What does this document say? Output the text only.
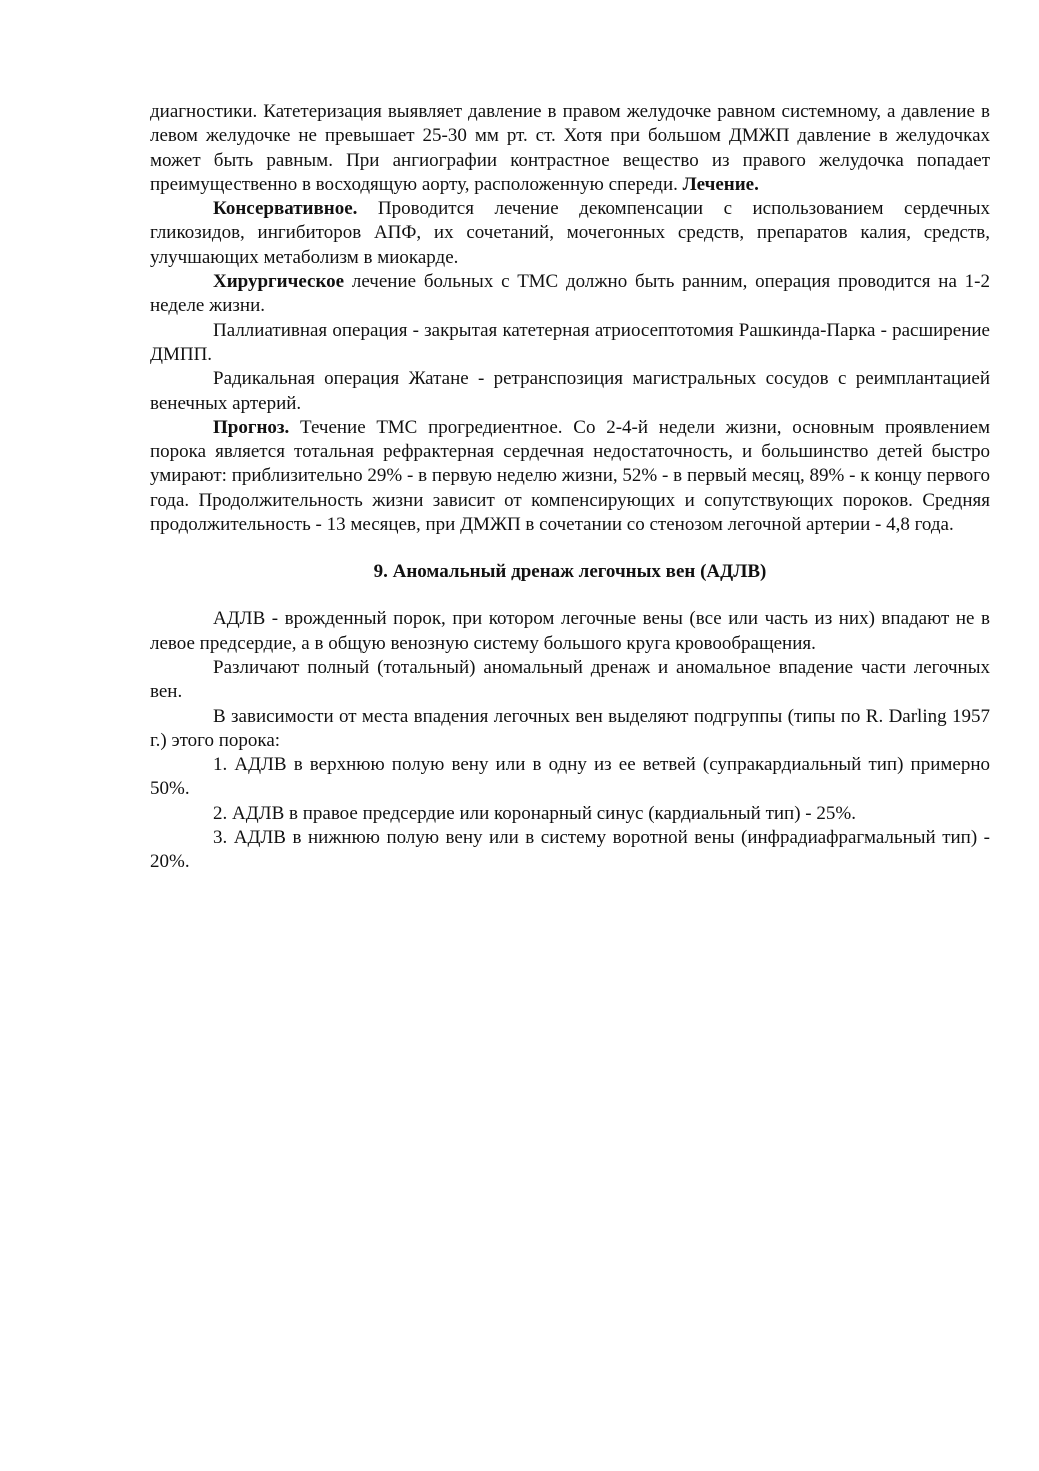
диагностики. Катетеризация выявляет давление в правом желудочке равном системному, а давление в левом желудочке не превышает 25-30 мм рт. ст. Хотя при большом ДМЖП давление в желудочках может быть равным. При ангиографии контрастное вещество из правого желудочка попадает преимущественно в восходящую аорту, расположенную спереди. Лечение.

Консервативное. Проводится лечение декомпенсации с использованием сердечных гликозидов, ингибиторов АПФ, их сочетаний, мочегонных средств, препаратов калия, средств, улучшающих метаболизм в миокарде.

Хирургическое лечение больных с ТМС должно быть ранним, операция проводится на 1-2 неделе жизни.

Паллиативная операция - закрытая катетерная атриосептотомия Рашкинда-Парка - расширение ДМПП.

Радикальная операция Жатане - ретранспозиция магистральных сосудов с реимплантацией венечных артерий.

Прогноз. Течение ТМС прогредиентное. Со 2-4-й недели жизни, основным проявлением порока является тотальная рефрактерная сердечная недостаточность, и большинство детей быстро умирают: приблизительно 29% - в первую неделю жизни, 52% - в первый месяц, 89% - к концу первого года. Продолжительность жизни зависит от компенсирующих и сопутствующих пороков. Средняя продолжительность - 13 месяцев, при ДМЖП в сочетании со стенозом легочной артерии - 4,8 года.

9. Аномальный дренаж легочных вен (АДЛВ)

АДЛВ - врожденный порок, при котором легочные вены (все или часть из них) впадают не в левое предсердие, а в общую венозную систему большого круга кровообращения.

Различают полный (тотальный) аномальный дренаж и аномальное впадение части легочных вен.

В зависимости от места впадения легочных вен выделяют подгруппы (типы по R. Darling 1957 г.) этого порока:

1. АДЛВ в верхнюю полую вену или в одну из ее ветвей (супракардиальный тип) примерно 50%.

2. АДЛВ в правое предсердие или коронарный синус (кардиальный тип) - 25%.

3. АДЛВ в нижнюю полую вену или в систему воротной вены (инфрадиафрагмальный тип) - 20%.
